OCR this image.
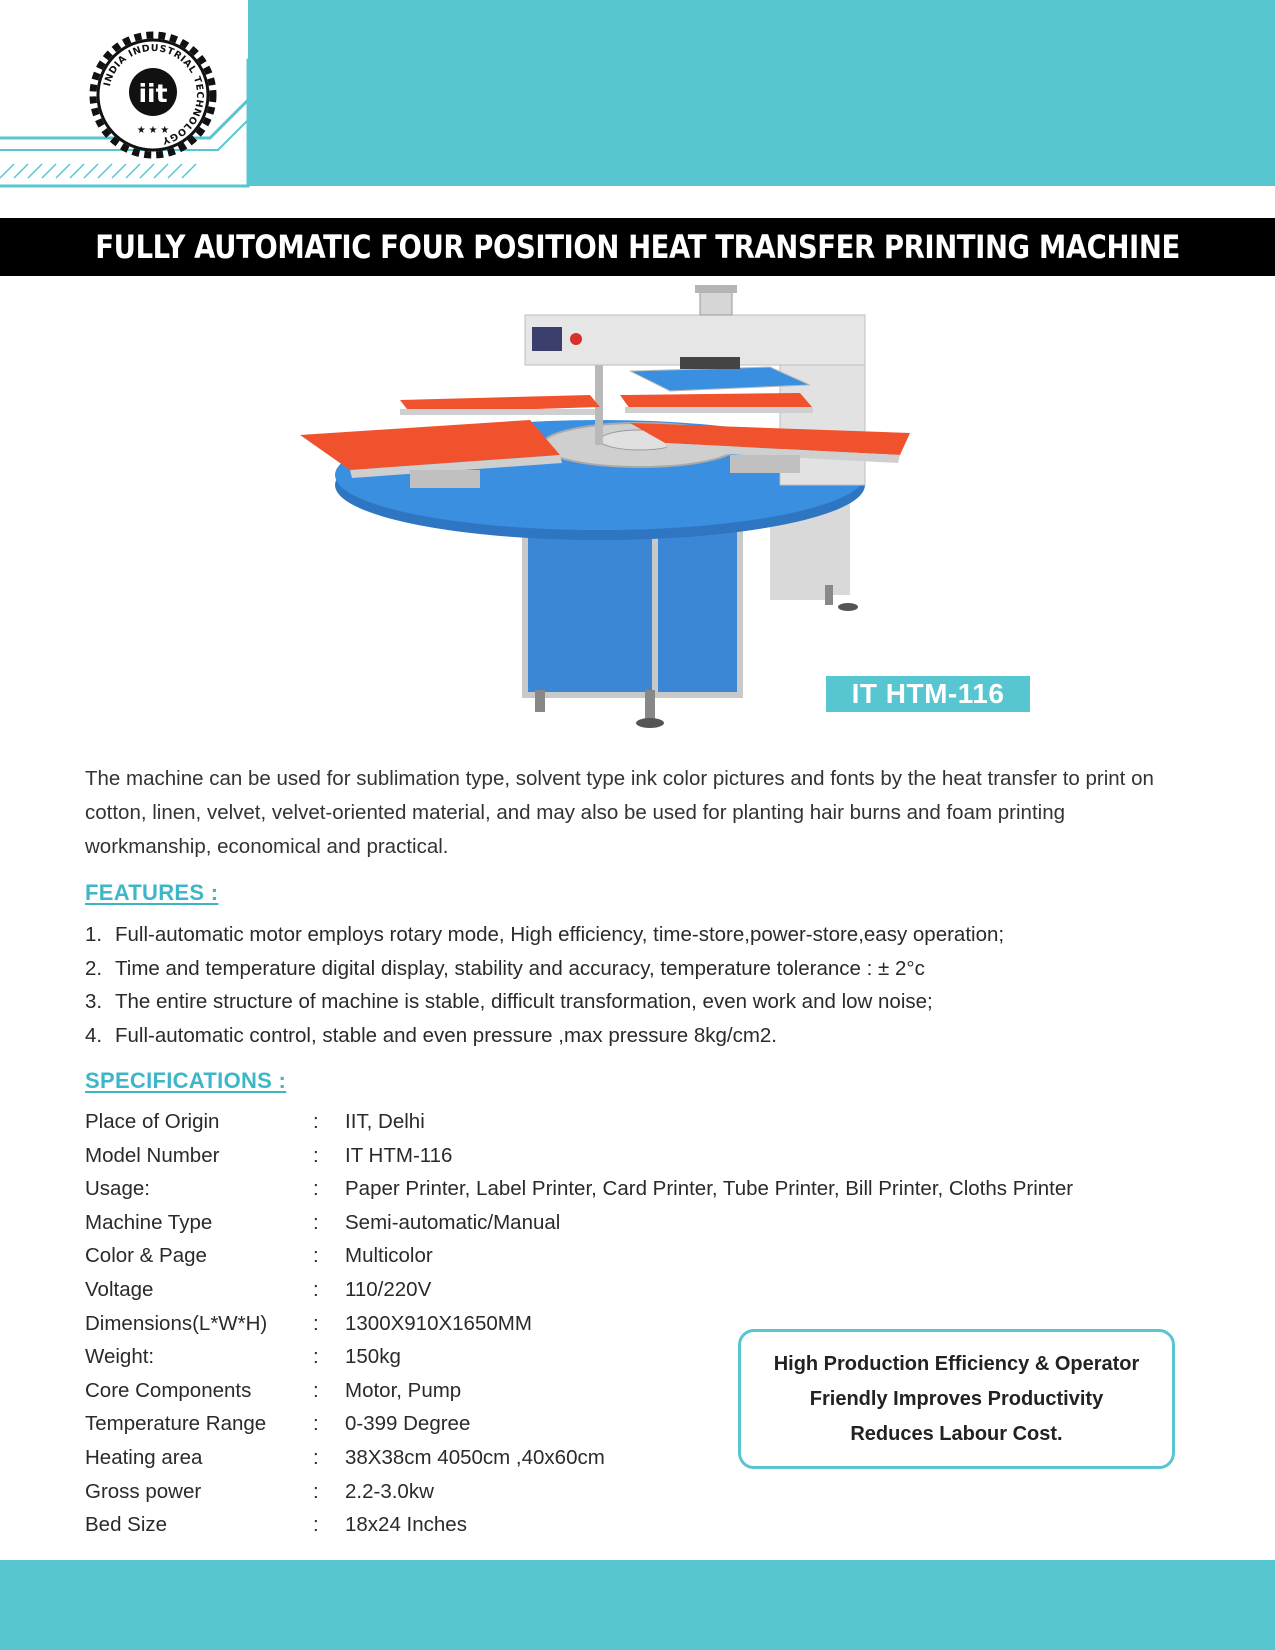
INDIA INDUSTRIAL TECHNOLOGY
iit
★ ★ ★
FULLY AUTOMATIC FOUR POSITION HEAT TRANSFER PRINTING MACHINE
IT HTM-116

The machine can be used for sublimation type, solvent type ink color pictures and fonts by the heat transfer to print on cotton, linen, velvet, velvet-oriented material, and may also be used for planting hair burns and foam printing workmanship, economical and practical.

FEATURES :
1. Full-automatic motor employs rotary mode, High efficiency, time-store,power-store,easy operation;
2. Time and temperature digital display, stability and accuracy, temperature tolerance : ± 2°c
3. The entire structure of machine is stable, difficult transformation, even work and low noise;
4. Full-automatic control, stable and even pressure ,max pressure 8kg/cm2.
SPECIFICATIONS :
Place of Origin	:	IIT, Delhi
Model Number	:	IT HTM-116
Usage:	:	Paper Printer, Label Printer, Card Printer, Tube Printer, Bill Printer, Cloths Printer
Machine Type	:	Semi-automatic/Manual
Color & Page	:	Multicolor
Voltage	:	110/220V
Dimensions(L*W*H)	:	1300X910X1650MM
Weight:	:	150kg
Core Components	:	Motor, Pump
Temperature Range	:	0-399 Degree
Heating area	:	38X38cm 4050cm ,40x60cm
Gross power	:	2.2-3.0kw
Bed Size	:	18x24 Inches
High Production Efficiency & Operator
Friendly Improves Productivity
Reduces Labour Cost.
